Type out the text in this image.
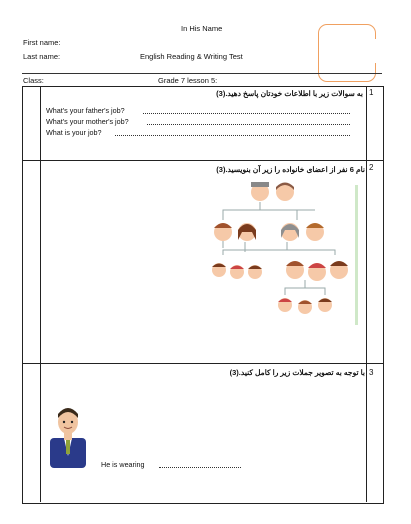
In His Name
First name:
Last name:	English Reading & Writing Test
Class:	Grade 7 lesson 5:
1
به سوالات زیر با اطلاعات خودتان پاسخ دهید.(3)
What's your father's job?
What's your mother's job?
What is your job?
2
نام 6 نفر از اعضای خانواده را زیر آن بنویسید.(3)
3
با توجه به تصویر جملات زیر را کامل کنید.(3)
He is wearing
